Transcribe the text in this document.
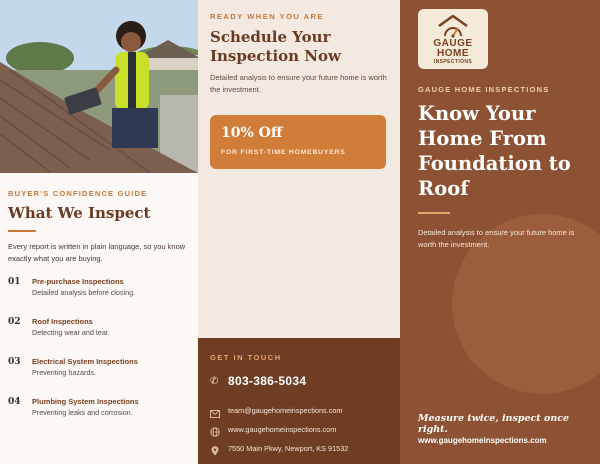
BUYER'S CONFIDENCE GUIDE
What We Inspect
Every report is written in plain language, so you know exactly what you are buying.
01 Pre-purchase Inspections
Detailed analysis before closing.
02 Roof Inspections
Detecting wear and tear.
03 Electrical System Inspections
Preventing hazards.
04 Plumbing System Inspections
Preventing leaks and corrosion.
READY WHEN YOU ARE
Schedule Your Inspection Now
Detailed analysis to ensure your future home is worth the investment.
10% Off
FOR FIRST-TIME HOMEBUYERS
GET IN TOUCH
✆ 803-386-5034
team@gaugehomeinspections.com
www.gaugehomeinspections.com
7550 Main Pkwy, Newport, KS 91532
GAUGE
HOME
INSPECTIONS
GAUGE HOME INSPECTIONS
Know Your Home From Foundation to Roof
Detailed analysis to ensure your future home is worth the investment.
Measure twice, inspect once right.
www.gaugehomeinspections.com
